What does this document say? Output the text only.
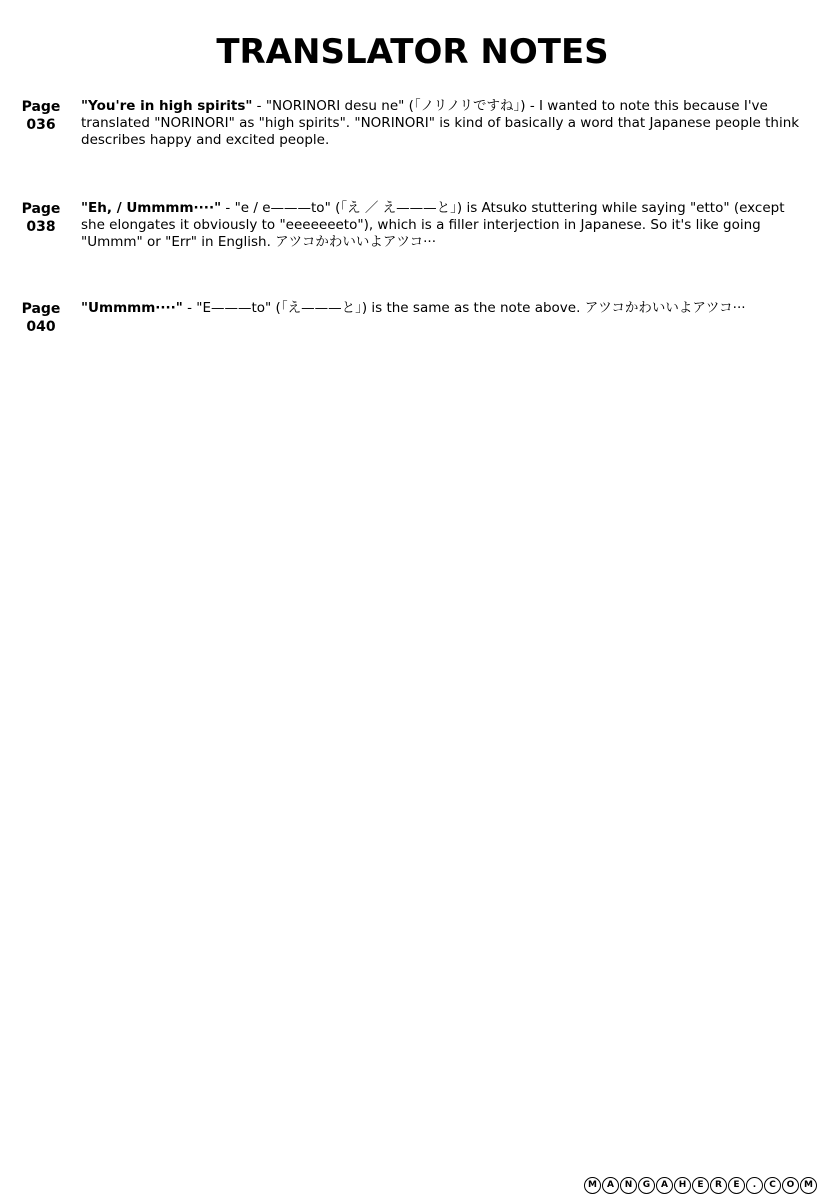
TRANSLATOR NOTES
Page
036
"You're in high spirits" - "NORINORI desu ne" (「ノリノリですね」) - I wanted to note this because I've translated "NORINORI" as "high spirits". "NORINORI" is kind of basically a word that Japanese people think describes happy and excited people.
Page
038
"Eh, / Ummmm····" - "e / e———to" (「え ／ え———と」) is Atsuko stuttering while saying "etto" (except she elongates it obviously to "eeeeeeeto"), which is a filler interjection in Japanese. So it's like going "Ummm" or "Err" in English. アツコかわいいよアツコ···
Page
040
"Ummmm····" - "E———to" (「え———と」) is the same as the note above. アツコかわいいよアツコ···
M	A	N	G	A	H	E	R	E	.	C	O	M
